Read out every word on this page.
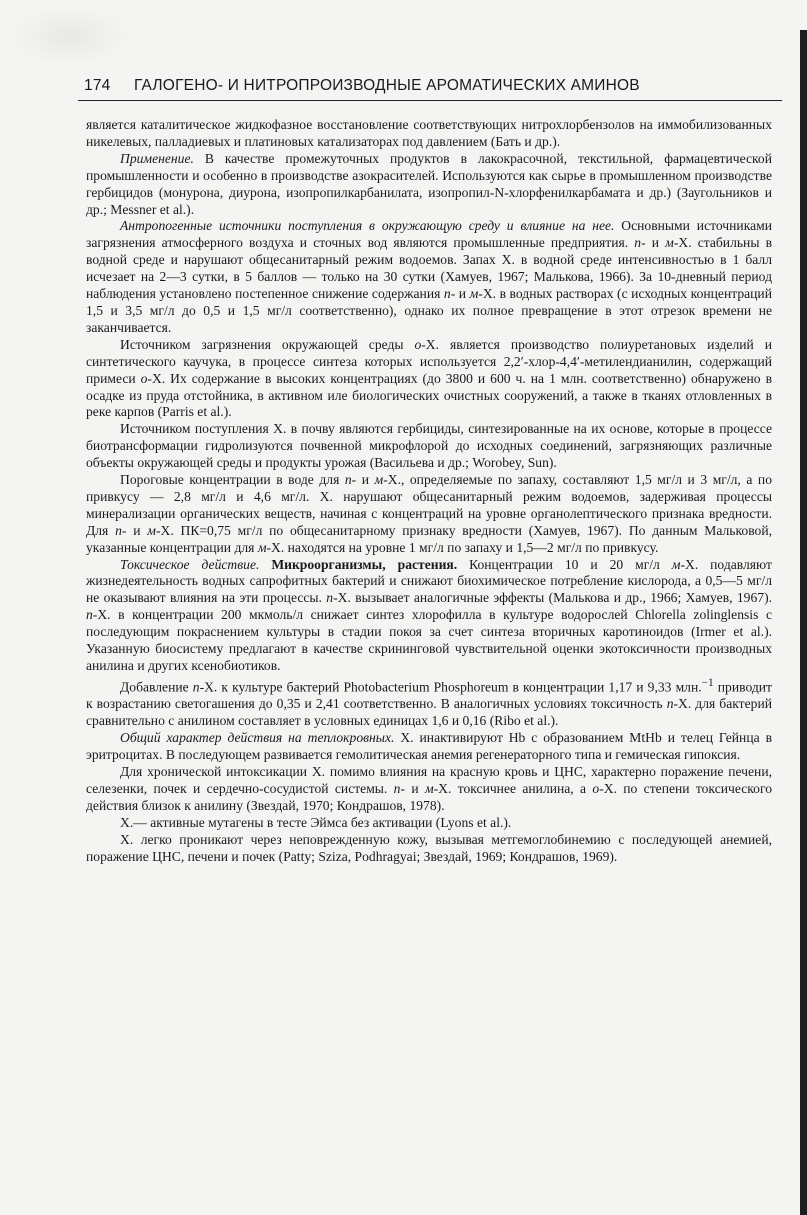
174 ГАЛОГЕНО- И НИТРОПРОИЗВОДНЫЕ АРОМАТИЧЕСКИХ АМИНОВ

является каталитическое жидкофазное восстановление соответствующих нитрохлорбензолов на иммобилизованных никелевых, палладиевых и платиновых катализаторах под давлением (Бать и др.).

Применение. В качестве промежуточных продуктов в лакокрасочной, текстильной, фармацевтической промышленности и особенно в производстве азокрасителей. Используются как сырье в промышленном производстве гербицидов (монурона, диурона, изопропилкарбанилата, изопропил-N-хлорфенилкарбамата и др.) (Заугольников и др.; Messner et al.).

Антропогенные источники поступления в окружающую среду и влияние на нее. Основными источниками загрязнения атмосферного воздуха и сточных вод являются промышленные предприятия. п- и м-Х. стабильны в водной среде и нарушают общесанитарный режим водоемов. Запах Х. в водной среде интенсивностью в 1 балл исчезает на 2—3 сутки, в 5 баллов — только на 30 сутки (Хамуев, 1967; Малькова, 1966). За 10-дневный период наблюдения установлено постепенное снижение содержания п- и м-Х. в водных растворах (с исходных концентраций 1,5 и 3,5 мг/л до 0,5 и 1,5 мг/л соответственно), однако их полное превращение в этот отрезок времени не заканчивается.

Источником загрязнения окружающей среды о-Х. является производство полиуретановых изделий и синтетического каучука, в процессе синтеза которых используется 2,2′-хлор-4,4′-метилендианилин, содержащий примеси о-Х. Их содержание в высоких концентрациях (до 3800 и 600 ч. на 1 млн. соответственно) обнаружено в осадке из пруда отстойника, в активном иле биологических очистных сооружений, а также в тканях отловленных в реке карпов (Parris et al.).

Источником поступления Х. в почву являются гербициды, синтезированные на их основе, которые в процессе биотрансформации гидролизуются почвенной микрофлорой до исходных соединений, загрязняющих различные объекты окружающей среды и продукты урожая (Васильева и др.; Worobey, Sun).

Пороговые концентрации в воде для п- и м-Х., определяемые по запаху, составляют 1,5 мг/л и 3 мг/л, а по привкусу — 2,8 мг/л и 4,6 мг/л. Х. нарушают общесанитарный режим водоемов, задерживая процессы минерализации органических веществ, начиная с концентраций на уровне органолептического признака вредности. Для п- и м-Х. ПК=0,75 мг/л по общесанитарному признаку вредности (Хамуев, 1967). По данным Мальковой, указанные концентрации для м-Х. находятся на уровне 1 мг/л по запаху и 1,5—2 мг/л по привкусу.

Токсическое действие. Микроорганизмы, растения. Концентрации 10 и 20 мг/л м-Х. подавляют жизнедеятельность водных сапрофитных бактерий и снижают биохимическое потребление кислорода, а 0,5—5 мг/л не оказывают влияния на эти процессы. п-Х. вызывает аналогичные эффекты (Малькова и др., 1966; Хамуев, 1967). п-Х. в концентрации 200 мкмоль/л снижает синтез хлорофилла в культуре водорослей Chlorella zolinglensis с последующим покраснением культуры в стадии покоя за счет синтеза вторичных каротиноидов (Irmer et al.). Указанную биосистему предлагают в качестве скрининговой чувствительной оценки экотоксичности производных анилина и других ксенобиотиков.

Добавление п-Х. к культуре бактерий Photobacterium Phosphoreum в концентрации 1,17 и 9,33 млн.$^{-1}$ приводит к возрастанию светогашения до 0,35 и 2,41 соответственно. В аналогичных условиях токсичность п-Х. для бактерий сравнительно с анилином составляет в условных единицах 1,6 и 0,16 (Ribo et al.).

Общий характер действия на теплокровных. Х. инактивируют Hb с образованием MtHb и телец Гейнца в эритроцитах. В последующем развивается гемолитическая анемия регенераторного типа и гемическая гипоксия.

Для хронической интоксикации Х. помимо влияния на красную кровь и ЦНС, характерно поражение печени, селезенки, почек и сердечно-сосудистой системы. п- и м-Х. токсичнее анилина, а о-Х. по степени токсического действия близок к анилину (Звездай, 1970; Кондрашов, 1978).

Х.— активные мутагены в тесте Эймса без активации (Lyons et al.).

Х. легко проникают через неповрежденную кожу, вызывая метгемоглобинемию с последующей анемией, поражение ЦНС, печени и почек (Patty; Sziza, Podhragyai; Звездай, 1969; Кондрашов, 1969).
